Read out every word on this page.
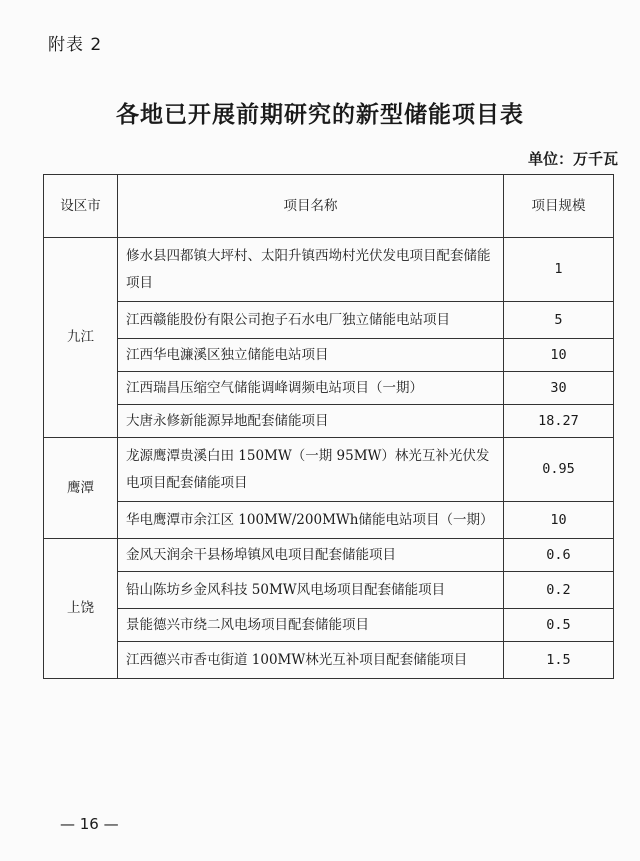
附表 2
各地已开展前期研究的新型储能项目表
单位：万千瓦
设区市	项目名称	项目规模
九江	修水县四都镇大坪村、太阳升镇西坳村光伏发电项目配套储能项目	1
	江西赣能股份有限公司抱子石水电厂独立储能电站项目	5
	江西华电濂溪区独立储能电站项目	10
	江西瑞昌压缩空气储能调峰调频电站项目（一期）	30
	大唐永修新能源异地配套储能项目	18.27
鹰潭	龙源鹰潭贵溪白田 150MW（一期 95MW）林光互补光伏发电项目配套储能项目	0.95
	华电鹰潭市余江区 100MW/200MWh储能电站项目（一期）	10
上饶	金风天润余干县杨埠镇风电项目配套储能项目	0.6
	铅山陈坊乡金风科技 50MW风电场项目配套储能项目	0.2
	景能德兴市绕二风电场项目配套储能项目	0.5
	江西德兴市香屯街道 100MW林光互补项目配套储能项目	1.5
— 16 —
